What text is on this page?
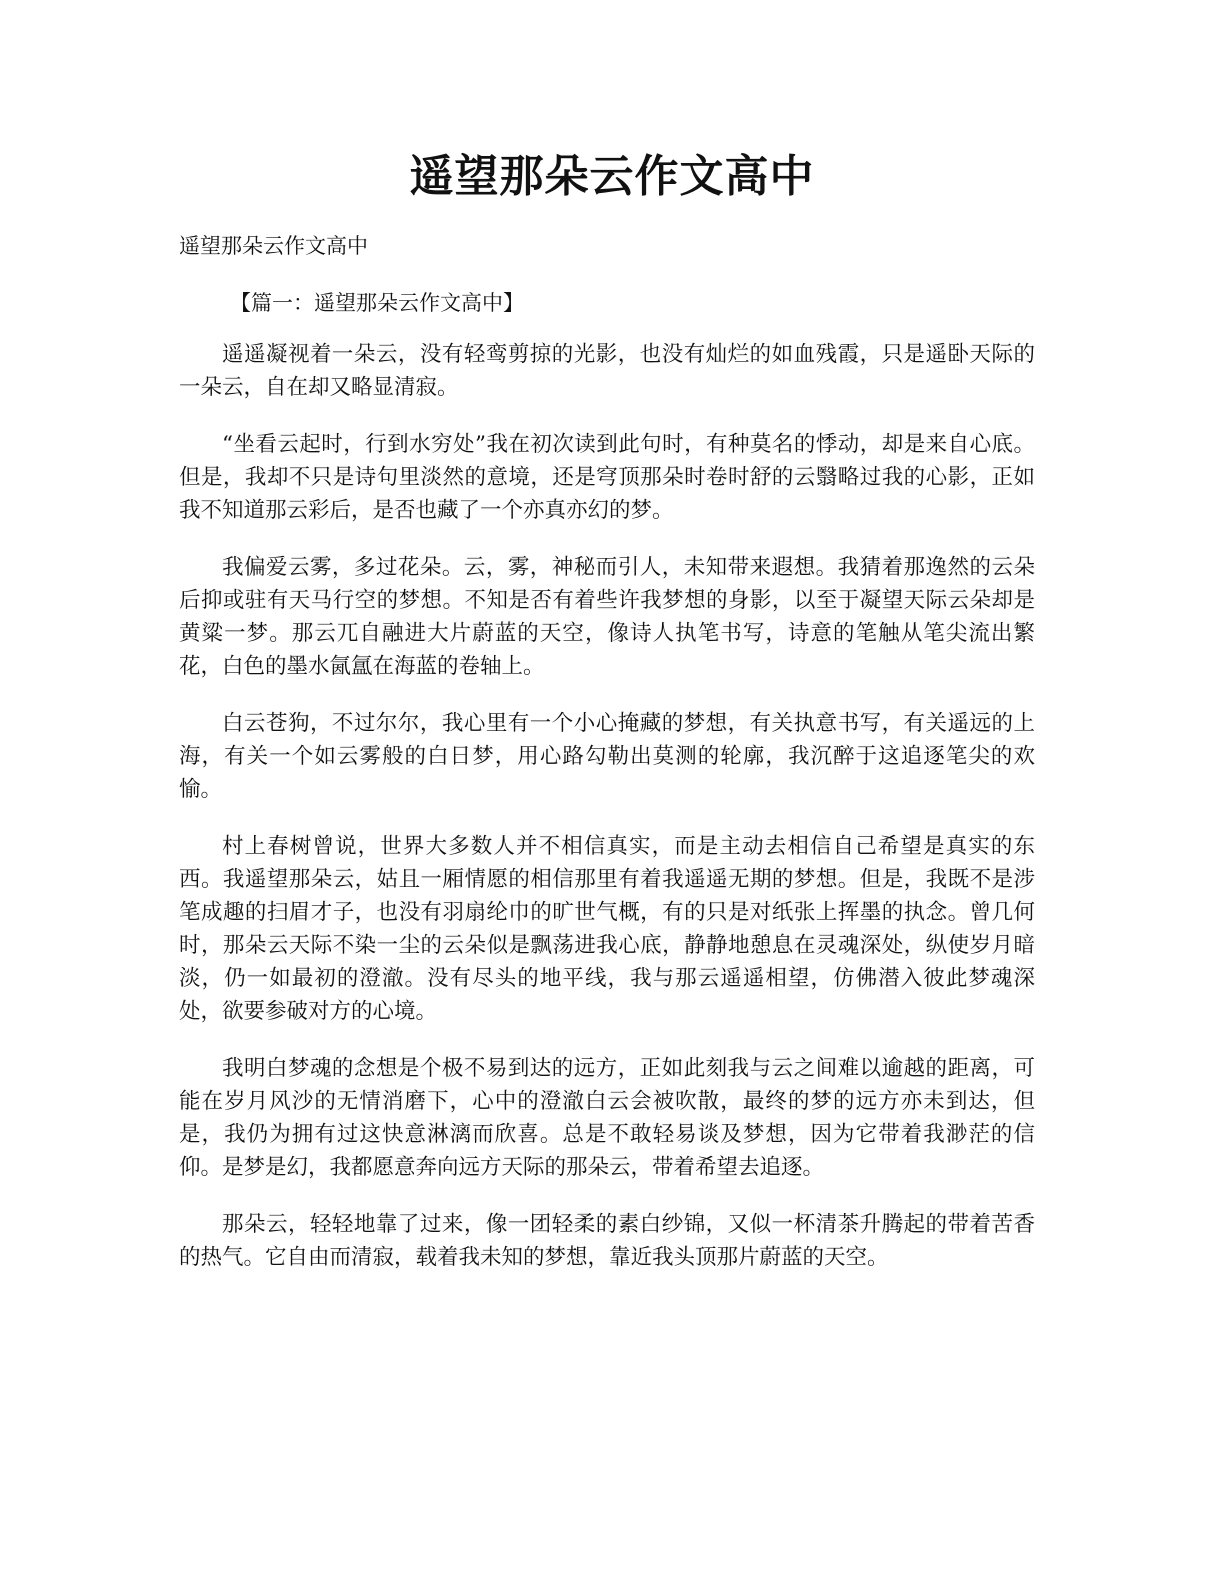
遥望那朵云作文高中
遥望那朵云作文高中
【篇一：遥望那朵云作文高中】

遥遥凝视着一朵云，没有轻鸾剪掠的光影，也没有灿烂的如血残霞，只是遥卧天际的一朵云，自在却又略显清寂。

“坐看云起时，行到水穷处”我在初次读到此句时，有种莫名的悸动，却是来自心底。但是，我却不只是诗句里淡然的意境，还是穹顶那朵时卷时舒的云翳略过我的心影，正如我不知道那云彩后，是否也藏了一个亦真亦幻的梦。

我偏爱云雾，多过花朵。云，雾，神秘而引人，未知带来遐想。我猜着那逸然的云朵后抑或驻有天马行空的梦想。不知是否有着些许我梦想的身影，以至于凝望天际云朵却是黄粱一梦。那云兀自融进大片蔚蓝的天空，像诗人执笔书写，诗意的笔触从笔尖流出繁花，白色的墨水氤氲在海蓝的卷轴上。

白云苍狗，不过尔尔，我心里有一个小心掩藏的梦想，有关执意书写，有关遥远的上海，有关一个如云雾般的白日梦，用心路勾勒出莫测的轮廓，我沉醉于这追逐笔尖的欢愉。

村上春树曾说，世界大多数人并不相信真实，而是主动去相信自己希望是真实的东西。我遥望那朵云，姑且一厢情愿的相信那里有着我遥遥无期的梦想。但是，我既不是涉笔成趣的扫眉才子，也没有羽扇纶巾的旷世气概，有的只是对纸张上挥墨的执念。曾几何时，那朵云天际不染一尘的云朵似是飘荡进我心底，静静地憩息在灵魂深处，纵使岁月暗淡，仍一如最初的澄澈。没有尽头的地平线，我与那云遥遥相望，仿佛潜入彼此梦魂深处，欲要参破对方的心境。

我明白梦魂的念想是个极不易到达的远方，正如此刻我与云之间难以逾越的距离，可能在岁月风沙的无情消磨下，心中的澄澈白云会被吹散，最终的梦的远方亦未到达，但是，我仍为拥有过这快意淋漓而欣喜。总是不敢轻易谈及梦想，因为它带着我渺茫的信仰。是梦是幻，我都愿意奔向远方天际的那朵云，带着希望去追逐。

那朵云，轻轻地靠了过来，像一团轻柔的素白纱锦，又似一杯清茶升腾起的带着苦香的热气。它自由而清寂，载着我未知的梦想，靠近我头顶那片蔚蓝的天空。
